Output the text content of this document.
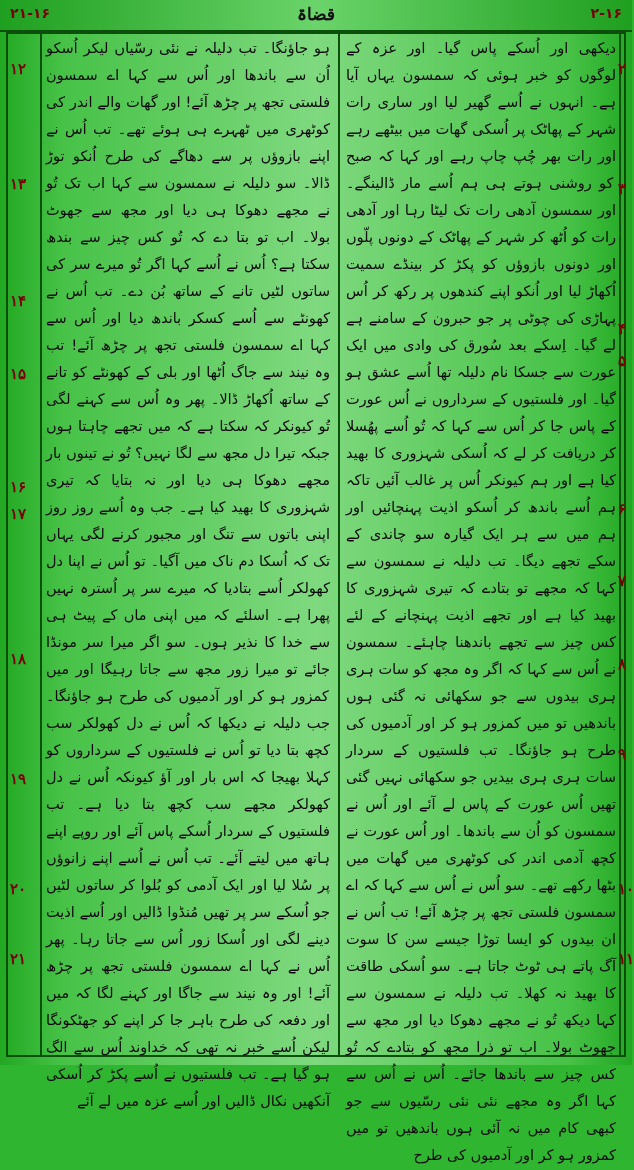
۲۱-۱۶	قضاۃ	۲-۱۶
دیکھی اور اُسکے پاس گیا۔ اور عزہ کے لوگوں کو خبر ہوئی کہ سمسون یہاں آیا ہے۔ انہوں نے اُسے گھیر لیا اور ساری رات شہر کے پھاٹک پر اُسکی گھات میں بیٹھے رہے اور رات بھر چُپ چاپ رہے اور کہا کہ صبح کو روشنی ہوتے ہی ہم اُسے مار ڈالینگے۔ اور سمسون آدھی رات تک لیٹا رہا اور آدھی رات کو اُٹھ کر شہر کے پھاٹک کے دونوں پلّوں اور دونوں بازوؤں کو پکڑ کر بینڈے سمیت اُکھاڑ لیا اور اُنکو اپنے کندھوں پر رکھ کر اُس پہاڑی کی چوٹی پر جو حبرون کے سامنے ہے لے گیا۔ اِسکے بعد سُورق کی وادی میں ایک عورت سے جسکا نام دلیلہ تھا اُسے عشق ہو گیا۔ اور فلستیوں کے سرداروں نے اُس عورت کے پاس جا کر اُس سے کہا کہ تُو اُسے پھُسلا کر دریافت کر لے کہ اُسکی شہزوری کا بھید کیا ہے اور ہم کیونکر اُس پر غالب آئیں تاکہ ہم اُسے باندھ کر اُسکو اذیت پہنچائیں اور ہم میں سے ہر ایک گیارہ سو چاندی کے سکے تجھے دیگا۔ تب دلیلہ نے سمسون سے کہا کہ مجھے تو بتادے کہ تیری شہزوری کا بھید کیا ہے اور تجھے اذیت پہنچانے کے لئے کس چیز سے تجھے باندھنا چاہئے۔ سمسون نے اُس سے کہا کہ اگر وہ مجھ کو سات ہری ہری بیدوں سے جو سکھائی نہ گئی ہوں باندھیں تو میں کمزور ہو کر اور آدمیوں کی طرح ہو جاؤنگا۔ تب فلستیوں کے سردار سات ہری ہری بیدیں جو سکھائی نہیں گئی تھیں اُس عورت کے پاس لے آئے اور اُس نے سمسون کو اُن سے باندھا۔ اور اُس عورت نے کچھ آدمی اندر کی کوٹھری میں گھات میں بٹھا رکھے تھے۔ سو اُس نے اُس سے کہا کہ اے سمسون فلستی تجھ پر چڑھ آئے! تب اُس نے ان بیدوں کو ایسا توڑا جیسے سن کا سوت آگ پاتے ہی ٹوٹ جاتا ہے۔ سو اُسکی طاقت کا بھید نہ کھلا۔ تب دلیلہ نے سمسون سے کہا دیکھ تُو نے مجھے دھوکا دیا اور مجھ سے جھوٹ بولا۔ اب تو ذرا مجھ کو بتادے کہ تُو کس چیز سے باندھا جائے۔ اُس نے اُس سے کہا اگر وہ مجھے نئی نئی رسّیوں سے جو کبھی کام میں نہ آئی ہوں باندھیں تو میں کمزور ہو کر اور آدمیوں کی طرح
ہو جاؤنگا۔ تب دلیلہ نے نئی رسّیاں لیکر اُسکو اُن سے باندھا اور اُس سے کہا اے سمسون فلستی تجھ پر چڑھ آئے! اور گھات والے اندر کی کوٹھری میں ٹھہرے ہی ہوئے تھے۔ تب اُس نے اپنے بازوؤں پر سے دھاگے کی طرح اُنکو توڑ ڈالا۔ سو دلیلہ نے سمسون سے کہا اب تک تُو نے مجھے دھوکا ہی دیا اور مجھ سے جھوٹ بولا۔ اب تو بتا دے کہ تُو کس چیز سے بندھ سکتا ہے؟ اُس نے اُسے کہا اگر تُو میرے سر کی ساتوں لٹیں تانے کے ساتھ بُن دے۔ تب اُس نے کھونٹے سے اُسے کسکر باندھ دیا اور اُس سے کہا اے سمسون فلستی تجھ پر چڑھ آئے! تب وہ نیند سے جاگ اُٹھا اور بلی کے کھونٹے کو تانے کے ساتھ اُکھاڑ ڈالا۔ پھر وہ اُس سے کہنے لگی تُو کیونکر کہ سکتا ہے کہ میں تجھے چاہتا ہوں جبکہ تیرا دل مجھ سے لگا نہیں؟ تُو نے تینوں بار مجھے دھوکا ہی دیا اور نہ بتایا کہ تیری شہزوری کا بھید کیا ہے۔ جب وہ اُسے روز روز اپنی باتوں سے تنگ اور مجبور کرنے لگی یہاں تک کہ اُسکا دم ناک میں آگیا۔ تو اُس نے اپنا دل کھولکر اُسے بتادیا کہ میرے سر پر اُسترہ نہیں پھرا ہے۔ اسلئے کہ میں اپنی ماں کے پیٹ ہی سے خدا کا نذیر ہوں۔ سو اگر میرا سر مونڈا جائے تو میرا زور مجھ سے جاتا رہیگا اور میں کمزور ہو کر اور آدمیوں کی طرح ہو جاؤنگا۔ جب دلیلہ نے دیکھا کہ اُس نے دل کھولکر سب کچھ بتا دیا تو اُس نے فلستیوں کے سرداروں کو کہلا بھیجا کہ اس بار اور آؤ کیونکہ اُس نے دل کھولکر مجھے سب کچھ بتا دیا ہے۔ تب فلستیوں کے سردار اُسکے پاس آئے اور روپے اپنے ہاتھ میں لیتے آئے۔ تب اُس نے اُسے اپنے زانوؤں پر سُلا لیا اور ایک آدمی کو بُلوا کر ساتوں لٹیں جو اُسکے سر پر تھیں مُنڈوا ڈالیں اور اُسے اذیت دینے لگی اور اُسکا زور اُس سے جاتا رہا۔ پھر اُس نے کہا اے سمسون فلستی تجھ پر چڑھ آئے! اور وہ نیند سے جاگا اور کہنے لگا کہ میں اور دفعہ کی طرح باہر جا کر اپنے کو جھٹکونگا لیکن اُسے خبر نہ تھی کہ خداوند اُس سے الگ ہو گیا ہے۔ تب فلستیوں نے اُسے پکڑ کر اُسکی آنکھیں نکال ڈالیں اور اُسے عزہ میں لے آئے
۱۲
۱۳
۱۴
۱۵
۱۶
۱۷
۱۸
۱۹
۲۰
۲۱
۲
۳
۴
۵
۶
۷
۸
۹
۱۰
۱۱
